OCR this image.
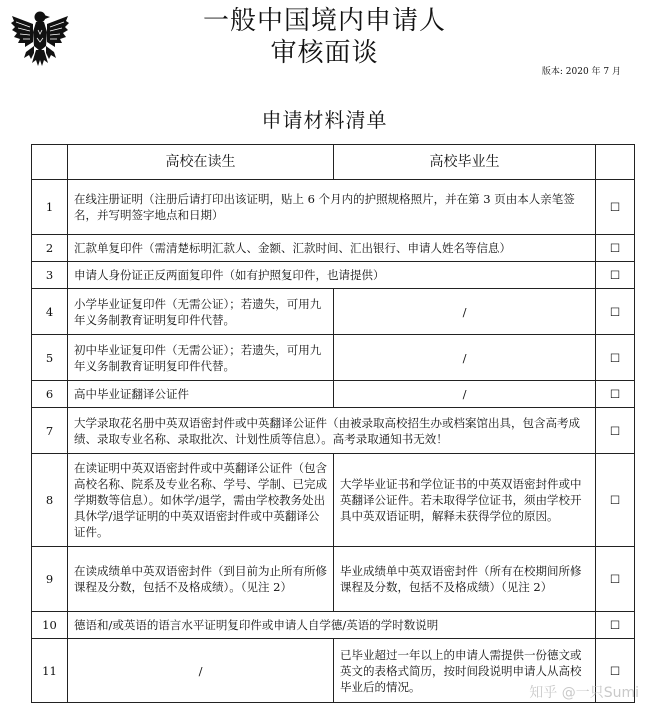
一般中国境内申请人
审核面谈
版本: 2020 年 7 月
申请材料清单
	高校在读生	高校毕业生	
1	在线注册证明（注册后请打印出该证明，贴上 6 个月内的护照规格照片，并在第 3 页由本人亲笔签名，并写明签字地点和日期）		☐
2	汇款单复印件（需清楚标明汇款人、金额、汇款时间、汇出银行、申请人姓名等信息）		☐
3	申请人身份证正反两面复印件（如有护照复印件，也请提供）		☐
4	小学毕业证复印件（无需公证）；若遗失，可用九年义务制教育证明复印件代替。	/	☐
5	初中毕业证复印件（无需公证）；若遗失，可用九年义务制教育证明复印件代替。	/	☐
6	高中毕业证翻译公证件	/	☐
7	大学录取花名册中英双语密封件或中英翻译公证件（由被录取高校招生办或档案馆出具，包含高考成绩、录取专业名称、录取批次、计划性质等信息）。高考录取通知书无效！		☐
8	在读证明中英双语密封件或中英翻译公证件（包含高校名称、院系及专业名称、学号、学制、已完成学期数等信息）。如休学/退学，需由学校教务处出具休学/退学证明的中英双语密封件或中英翻译公证件。	大学毕业证书和学位证书的中英双语密封件或中英翻译公证件。若未取得学位证书，须由学校开具中英双语证明，解释未获得学位的原因。	☐
9	在读成绩单中英双语密封件（到目前为止所有所修课程及分数，包括不及格成绩）。（见注 2）	毕业成绩单中英双语密封件（所有在校期间所修课程及分数，包括不及格成绩）（见注 2）	☐
10	德语和/或英语的语言水平证明复印件或申请人自学德/英语的学时数说明		☐
11	/	已毕业超过一年以上的申请人需提供一份德文或英文的表格式简历，按时间段说明申请人从高校毕业后的情况。	☐
知乎 @一只Sumi
